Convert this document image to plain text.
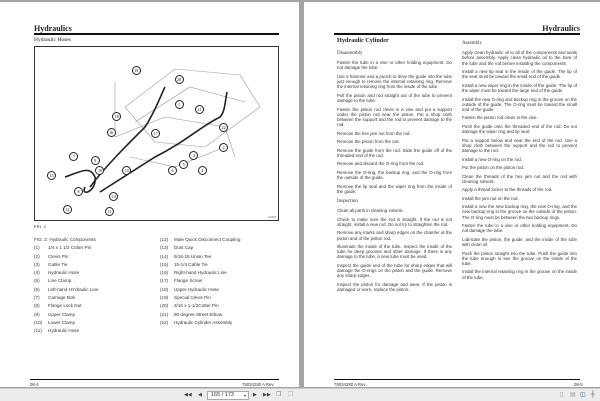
Hydraulics
Hydraulic Hoses
1
2
3
4
5
6
7
8
9
10
11
12
13
14
15
16	17
18
19
20
21
22
0-0073
FIG. 2
FIG. 2: Hydraulic Components
(1) 1/4 x 1 1/2 Cotter Pin
(2) Clevis Pin
(3) Cable Tie
(4) Hydraulic Hose
(5) Line Clamp
(6) Left-hand HYdraulic Line
(7) Carriage Bolt
(8) Flange Lock Nut
(9) Upper Clamp
(10) Lower Clamp
(11) Hydraulic Hose
(12) Male Quick Disconnect Coupling
(13) Dust Cap
(14) 9/16-18 Union Tee
(15) 15-1/4 Cable Tie
(16) Right-hand Hydraulic Line
(17) Flange Screw
(18) Upper Hydraulic Hose
(19) Special Clevis Pin
(20) 3/16 x 1-1/2Cotter Pin
(21) 90 degree Street Elbow
(22) Hydraulic Cylinder Assembly
08-4	79034280 A Rev.
Hydraulics
Hydraulic Cylinder
Disassembly

Fasten the tube in a vise or other holding equipment. Do not damage the tube.

Use a hammer and a punch to drive the guide into the tube just enough to remove the internal retaining ring. Remove the internal retaining ring from the inside of the tube.

Pull the piston and rod straight out of the tube to prevent damage to the tube.

Fasten the piston rod clevis in a vise and put a support under the piston rod near the piston. Put a shop cloth between the support and the rod to prevent damage to the rod.

Remove the hex jam nut from the rod.

Remove the piston from the rod.

Remove the guide from the rod. Slide the guide off of the threaded end of the rod.

Remove and discard the O-ring from the rod.

Remove the O-ring, the backup ring, and the O-ring from the outside of the guide.

Remove the lip seal and the wiper ring from the inside of the guide.

Inspection

Clean all parts in cleaning solvent.

Check to make sure the rod is straight. If the rod is not straight, install a new rod. Do not try to straighten the rod.

Remove any marks and sharp edges on the chamfer at the piston and of the piston rod.

Illuminate the inside of the tube. Inspect the inside of the tube for deep grooves and other damage. If there is any damage to the tube, a new tube must be used.

Inspect the guide end of the tube for sharp edges that will damage the O-rings on the piston and the guide. Remove any sharp edges.

Inspect the piston for damage and wear. If the piston is damaged or worn, replace the piston.

Assembly

Apply clean hydraulic oil to all of the components and seals before assembly. Apply clean hydraulic oil to the bore of the tube and the rod before installing the components.

Install a new lip seal in the inside of the guide. The lip of the seal must be toward the small end of the guide.

Install a new wiper ring in the inside of the guide. The lip of the wiper must be toward the large end of the guide.

Install the new O-ring and backup ring in the groove on the outside of the guide. The O-ring must be toward the small end of the guide.

Fasten the piston rod clevis in the vise.

Push the guide onto the threaded end of the rod. Do not damage the wiper ring and lip seal.

Put a support below and near the end of the rod. Use a shop cloth between the support and the rod to prevent damage to the rod.

Install a new O-ring on the rod.

Put the piston on the piston rod.

Clean the threads of the hex jam nut and the rod with cleaning solvent.

Apply a thread locker to the threads of the rod.

Install the jam nut on the rod.

Install a new the new backup ring, the new O-ring, and the new backup ring in the groove on the outside of the piston. The O-ring must be between the two backup rings.

Fasten the tube in a vise or other holding equipment. Do not damage the tube.

Lubricate the piston, the guide, and the inside of the tube with clean oil.

Push the piston straight into the tube. Push the guide into the tube enough to see the groove on the inside of the tube.

Install the internal retaining ring in the groove on the inside of the tube.

79034280 A Rev.	08-5
◀◀ ◀	165 / 173	▾ ▶ ▶▶ ❐ ❐	▯ ▤ ◫ ╋
